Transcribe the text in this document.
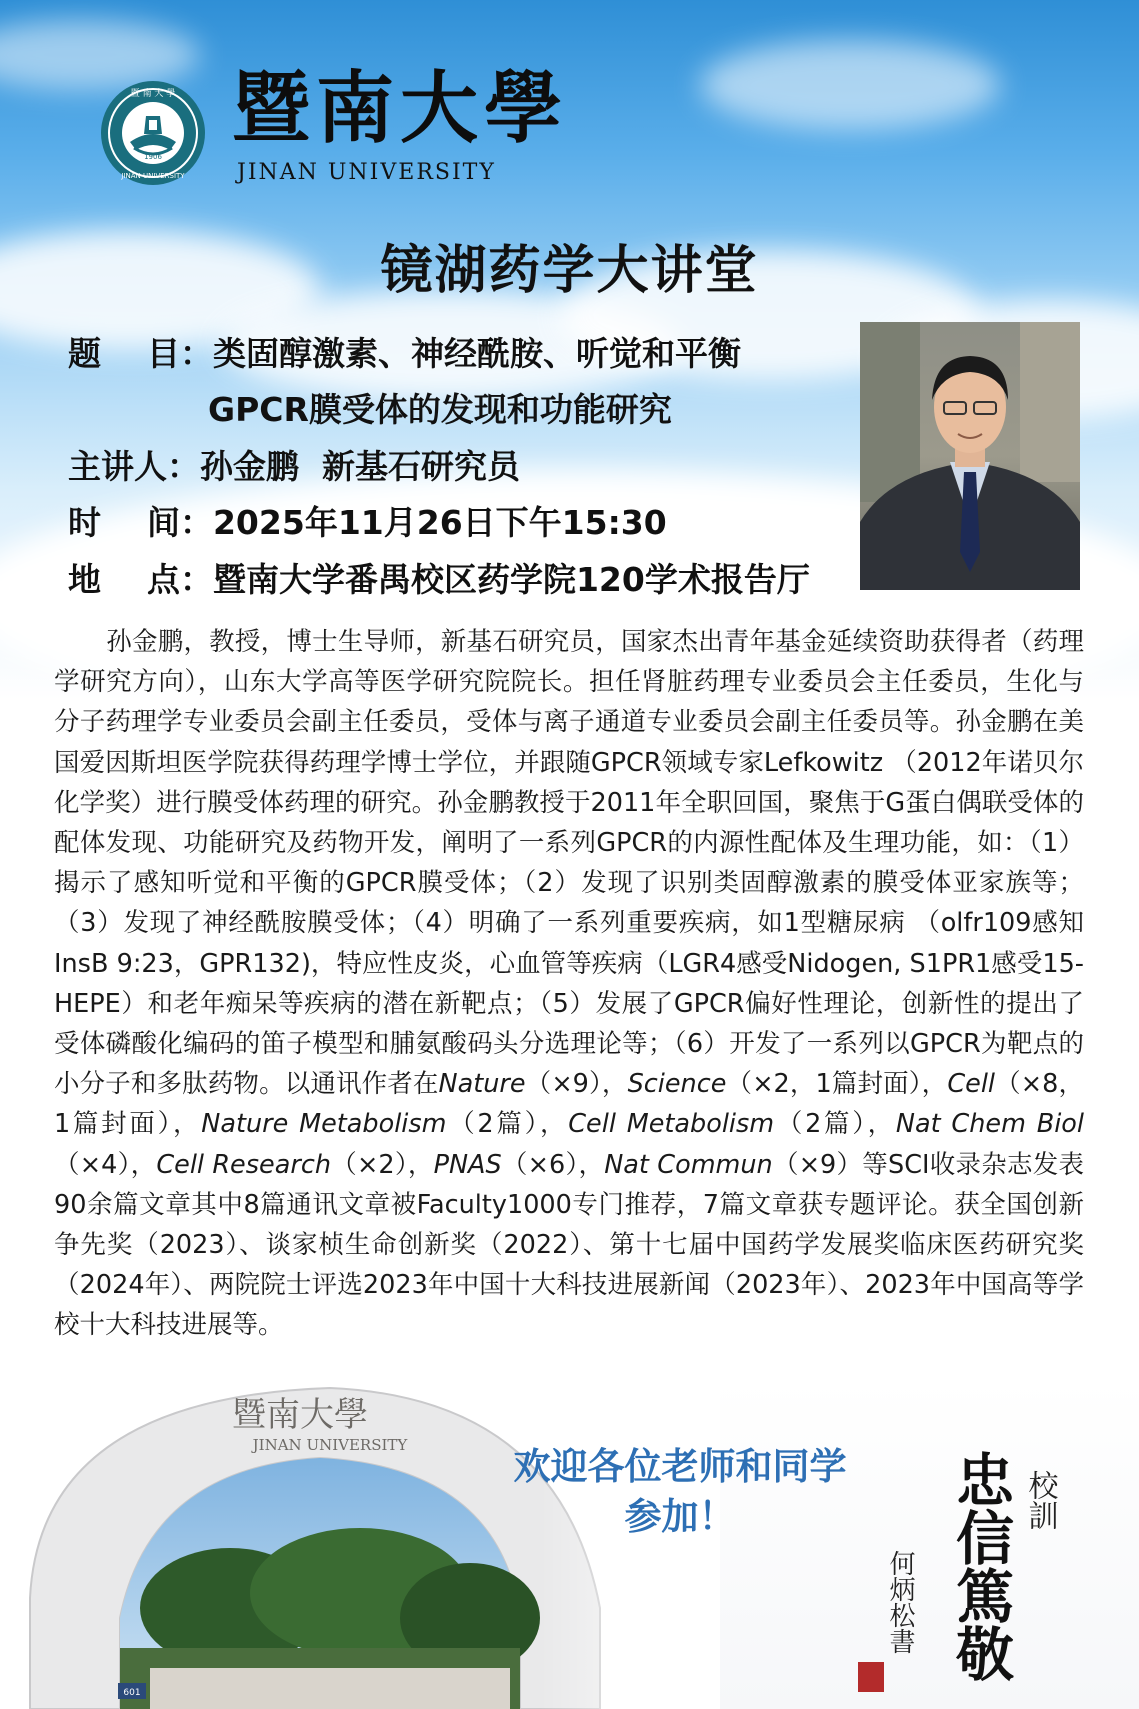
1906
暨 南 大 學
JINAN UNIVERSITY
暨南大學
JINAN UNIVERSITY
镜湖药学大讲堂
题    目：类固醇激素、神经酰胺、听觉和平衡
GPCR膜受体的发现和功能研究
主讲人：孙金鹏  新基石研究员
时    间：2025年11月26日下午15:30
地    点：暨南大学番禺校区药学院120学术报告厅
孙金鹏，教授，博士生导师，新基石研究员，国家杰出青年基金延续资助获得者（药理学研究方向），山东大学高等医学研究院院长。担任肾脏药理专业委员会主任委员，生化与分子药理学专业委员会副主任委员，受体与离子通道专业委员会副主任委员等。孙金鹏在美国爱因斯坦医学院获得药理学博士学位，并跟随GPCR领域专家Lefkowitz （2012年诺贝尔化学奖）进行膜受体药理的研究。孙金鹏教授于2011年全职回国，聚焦于G蛋白偶联受体的配体发现、功能研究及药物开发，阐明了一系列GPCR的内源性配体及生理功能，如：（1）揭示了感知听觉和平衡的GPCR膜受体；（2）发现了识别类固醇激素的膜受体亚家族等；（3）发现了神经酰胺膜受体；（4）明确了一系列重要疾病，如1型糖尿病 （olfr109感知InsB 9:23，GPR132)，特应性皮炎，心血管等疾病（LGR4感受Nidogen, S1PR1感受15-HEPE）和老年痴呆等疾病的潜在新靶点；（5）发展了GPCR偏好性理论，创新性的提出了受体磷酸化编码的笛子模型和脯氨酸码头分选理论等；（6）开发了一系列以GPCR为靶点的小分子和多肽药物。以通讯作者在Nature（×9），Science（×2，1篇封面），Cell（×8，1篇封面），Nature Metabolism（2篇），Cell Metabolism（2篇），Nat Chem Biol（×4），Cell Research（×2），PNAS（×6），Nat Commun（×9）等SCI收录杂志发表90余篇文章其中8篇通讯文章被Faculty1000专门推荐，7篇文章获专题评论。获全国创新争先奖（2023）、谈家桢生命创新奖（2022）、第十七届中国药学发展奖临床医药研究奖（2024年）、两院院士评选2023年中国十大科技进展新闻（2023年）、2023年中国高等学校十大科技进展等。
欢迎各位老师和同学
参加！	校訓
忠信篤敬
何炳松書
